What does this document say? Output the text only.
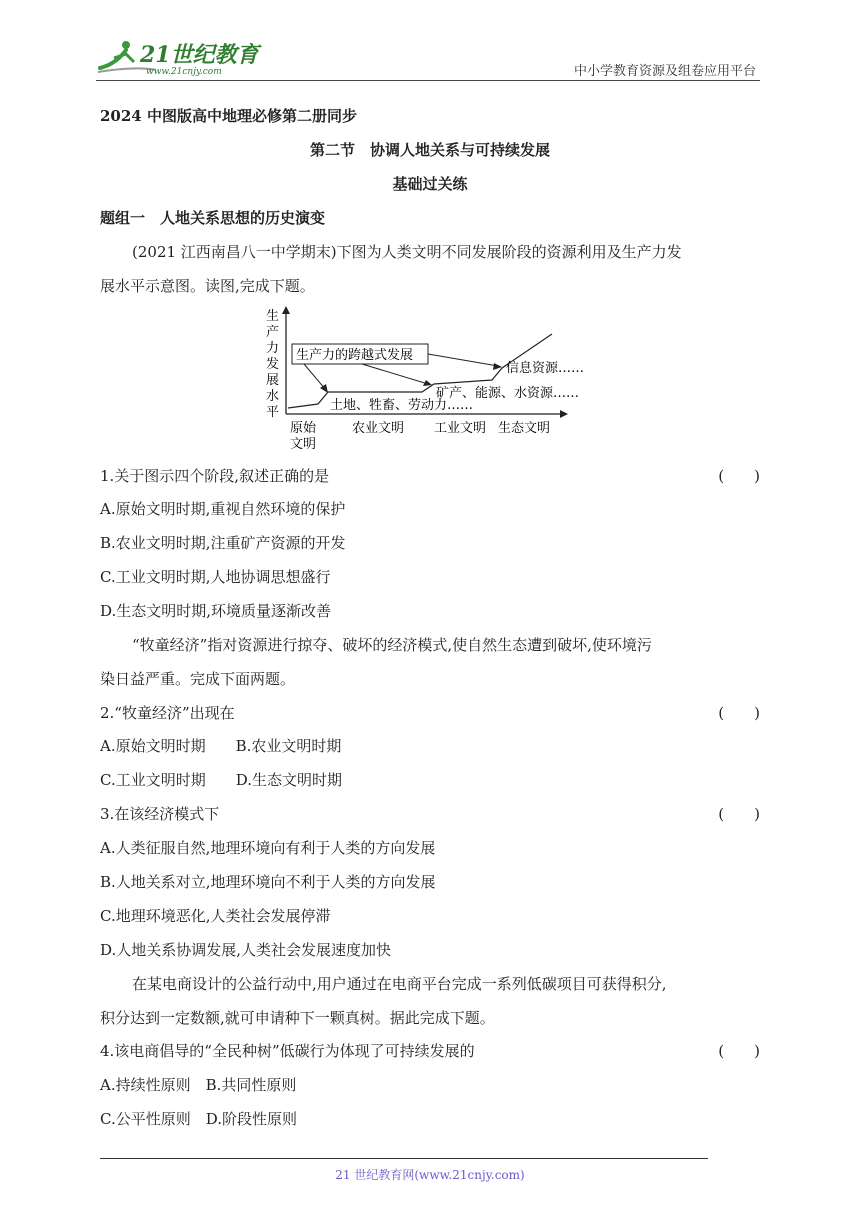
21世纪教育
www.21cnjy.com	中小学教育资源及组卷应用平台
2024 中图版高中地理必修第二册同步
第二节　协调人地关系与可持续发展
基础过关练
题组一　人地关系思想的历史演变
(2021 江西南昌八一中学期末)下图为人类文明不同发展阶段的资源利用及生产力发
展水平示意图。读图,完成下题。
生
产
力
发
展
水
平
生产力的跨越式发展
信息资源……
矿产、能源、水资源……
土地、牲畜、劳动力……
原始
文明
农业文明 工业文明 生态文明
1.关于图示四个阶段,叙述正确的是	(　　)
A.原始文明时期,重视自然环境的保护
B.农业文明时期,注重矿产资源的开发
C.工业文明时期,人地协调思想盛行
D.生态文明时期,环境质量逐渐改善
“牧童经济”指对资源进行掠夺、破坏的经济模式,使自然生态遭到破坏,使环境污
染日益严重。完成下面两题。
2.“牧童经济”出现在	(　　)
A.原始文明时期　　B.农业文明时期
C.工业文明时期　　D.生态文明时期
3.在该经济模式下	(　　)
A.人类征服自然,地理环境向有利于人类的方向发展
B.人地关系对立,地理环境向不利于人类的方向发展
C.地理环境恶化,人类社会发展停滞
D.人地关系协调发展,人类社会发展速度加快
在某电商设计的公益行动中,用户通过在电商平台完成一系列低碳项目可获得积分,
积分达到一定数额,就可申请种下一颗真树。据此完成下题。
4.该电商倡导的“全民种树”低碳行为体现了可持续发展的	(　　)
A.持续性原则　B.共同性原则
C.公平性原则　D.阶段性原则
21 世纪教育网(www.21cnjy.com)
